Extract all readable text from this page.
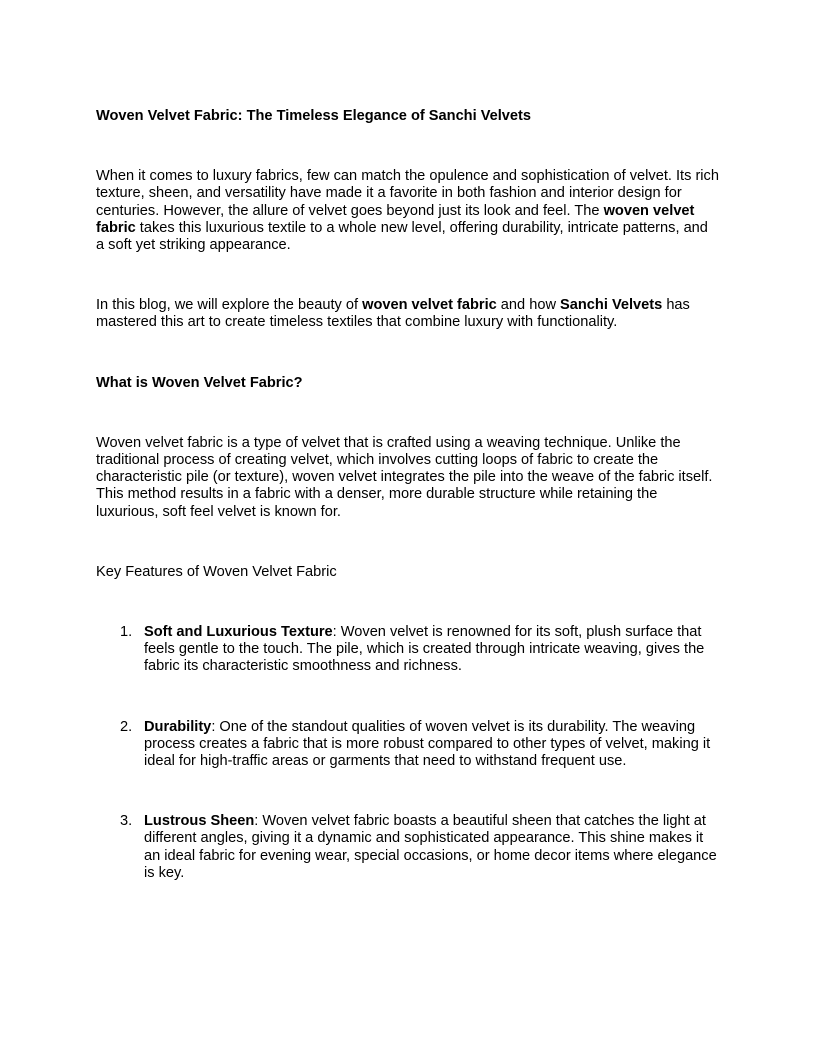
Woven Velvet Fabric: The Timeless Elegance of Sanchi Velvets

When it comes to luxury fabrics, few can match the opulence and sophistication of velvet. Its rich texture, sheen, and versatility have made it a favorite in both fashion and interior design for centuries. However, the allure of velvet goes beyond just its look and feel. The woven velvet fabric takes this luxurious textile to a whole new level, offering durability, intricate patterns, and a soft yet striking appearance.

In this blog, we will explore the beauty of woven velvet fabric and how Sanchi Velvets has mastered this art to create timeless textiles that combine luxury with functionality.

What is Woven Velvet Fabric?

Woven velvet fabric is a type of velvet that is crafted using a weaving technique. Unlike the traditional process of creating velvet, which involves cutting loops of fabric to create the characteristic pile (or texture), woven velvet integrates the pile into the weave of the fabric itself. This method results in a fabric with a denser, more durable structure while retaining the luxurious, soft feel velvet is known for.

Key Features of Woven Velvet Fabric

1. Soft and Luxurious Texture: Woven velvet is renowned for its soft, plush surface that feels gentle to the touch. The pile, which is created through intricate weaving, gives the fabric its characteristic smoothness and richness.
2. Durability: One of the standout qualities of woven velvet is its durability. The weaving process creates a fabric that is more robust compared to other types of velvet, making it ideal for high-traffic areas or garments that need to withstand frequent use.
3. Lustrous Sheen: Woven velvet fabric boasts a beautiful sheen that catches the light at different angles, giving it a dynamic and sophisticated appearance. This shine makes it an ideal fabric for evening wear, special occasions, or home decor items where elegance is key.
